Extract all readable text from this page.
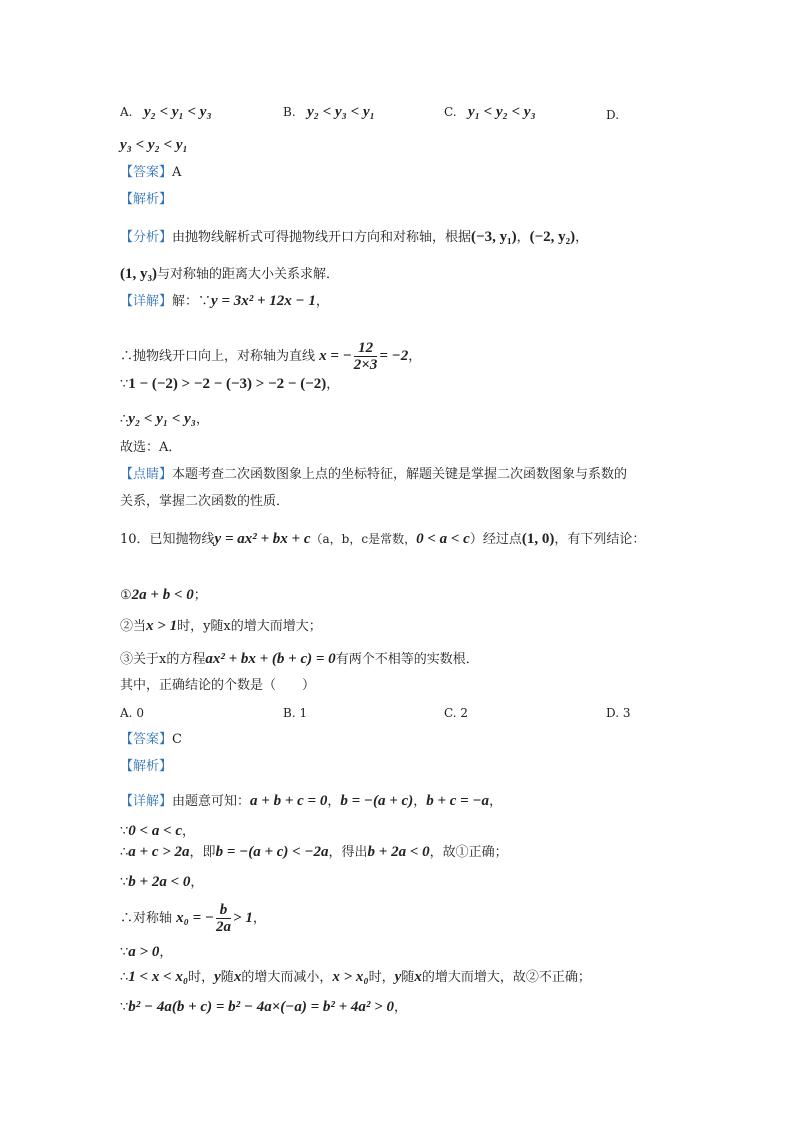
A. y₂ < y₁ < y₃	B. y₂ < y₃ < y₁	C. y₁ < y₂ < y₃	D.
y₃ < y₂ < y₁
【答案】A
【解析】
【分析】由抛物线解析式可得抛物线开口方向和对称轴，根据(−3, y₁)，(−2, y₂)，
(1, y₃)与对称轴的距离大小关系求解．
【详解】解：∵y = 3x² + 12x − 1，
∴抛物线开口向上，对称轴为直线 x = − $\frac{12}{2\times 3} = -2$，
∵1 − (−2) > −2 − (−3) > −2 − (−2)，
∴y₂ < y₁ < y₃，
故选：A．
【点睛】本题考查二次函数图象上点的坐标特征，解题关键是掌握二次函数图象与系数的
关系，掌握二次函数的性质．
10．已知抛物线y = ax² + bx + c（a，b，c是常数，0 < a < c）经过点(1, 0)，有下列结论：
①2a + b < 0；
②当x > 1时，y随x的增大而增大；
③关于x的方程ax² + bx + (b + c) = 0有两个不相等的实数根．
其中，正确结论的个数是（　　）
A. 0	B. 1	C. 2	D. 3
【答案】C
【解析】
【详解】由题意可知：a + b + c = 0，b = −(a + c)，b + c = −a，
∵0 < a < c，
∴a + c > 2a，即b = −(a + c) < −2a，得出b + 2a < 0，故①正确；
∵b + 2a < 0，
∴对称轴 x₀ = − $\frac{b}{2a} > 1$，
∵a > 0，
∴1 < x < x₀时，y随x的增大而减小，x > x₀时，y随x的增大而增大，故②不正确；
∵b² − 4a(b + c) = b² − 4a×(−a) = b² + 4a² > 0，
